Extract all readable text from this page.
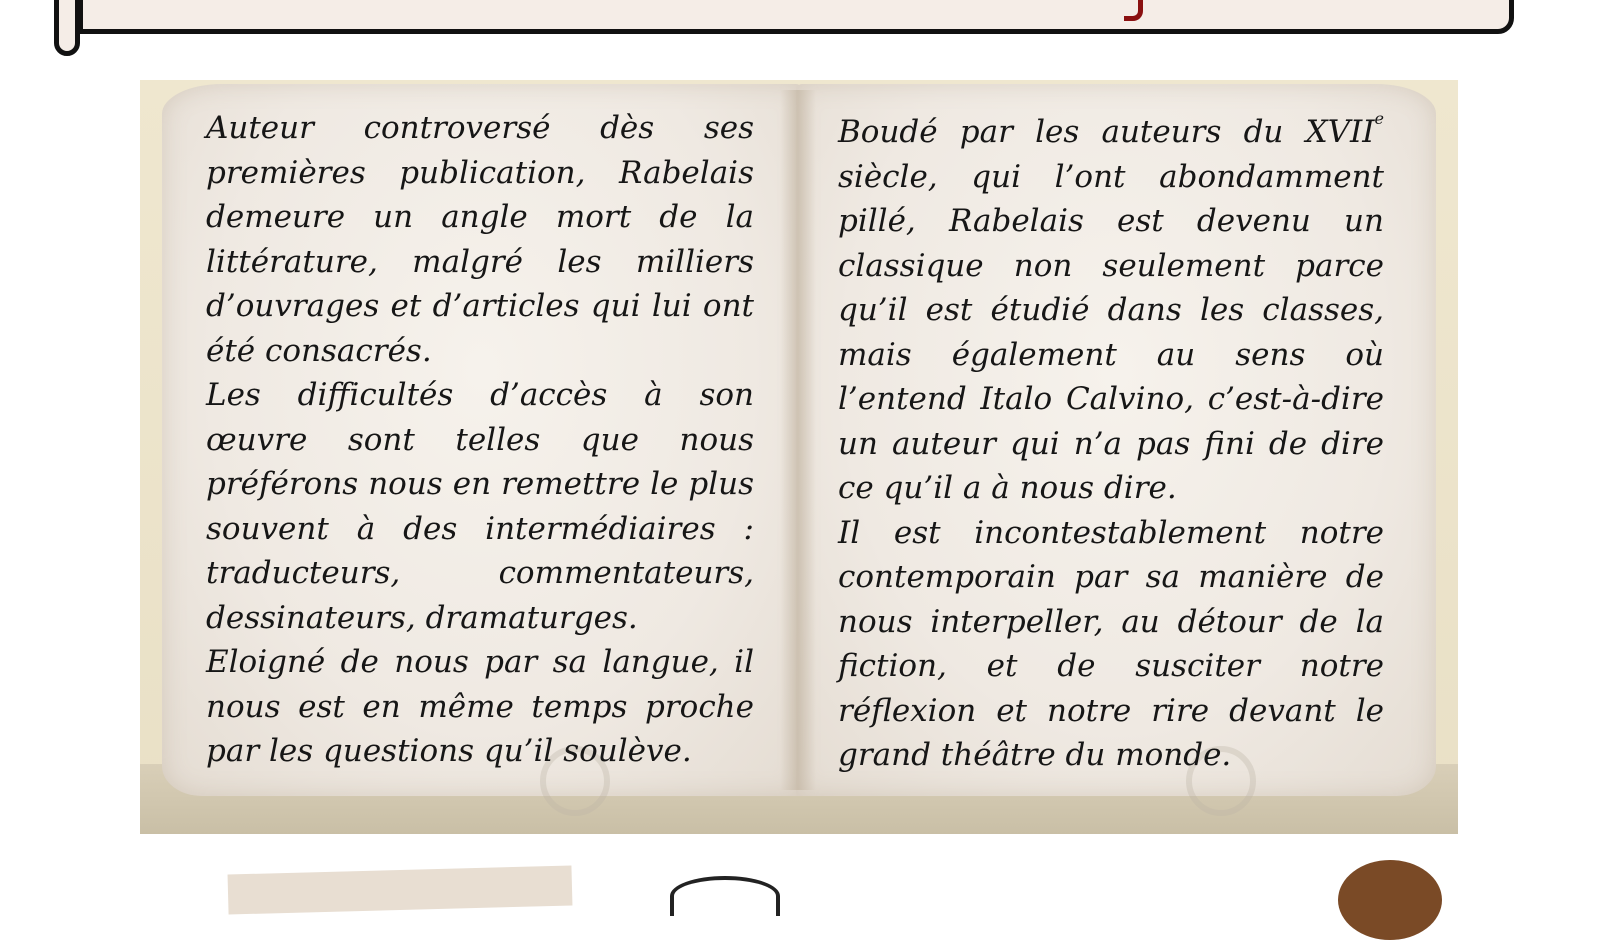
Auteur controversé dès ses premières publication, Rabelais demeure un angle mort de la littérature, malgré les milliers d’ouvrages et d’articles qui lui ont été consacrés.

Les difficultés d’accès à son œuvre sont telles que nous préférons nous en remettre le plus souvent à des intermédiaires : traducteurs, commentateurs, dessinateurs, dramaturges.

Eloigné de nous par sa langue, il nous est en même temps proche par les questions qu’il soulève.

Boudé par les auteurs du XVIIe siècle, qui l’ont abondamment pillé, Rabelais est devenu un classique non seulement parce qu’il est étudié dans les classes, mais également au sens où l’entend Italo Calvino, c’est-à-dire un auteur qui n’a pas fini de dire ce qu’il a à nous dire.

Il est incontestablement notre contemporain par sa manière de nous interpeller, au détour de la fiction, et de susciter notre réflexion et notre rire devant le grand théâtre du monde.
